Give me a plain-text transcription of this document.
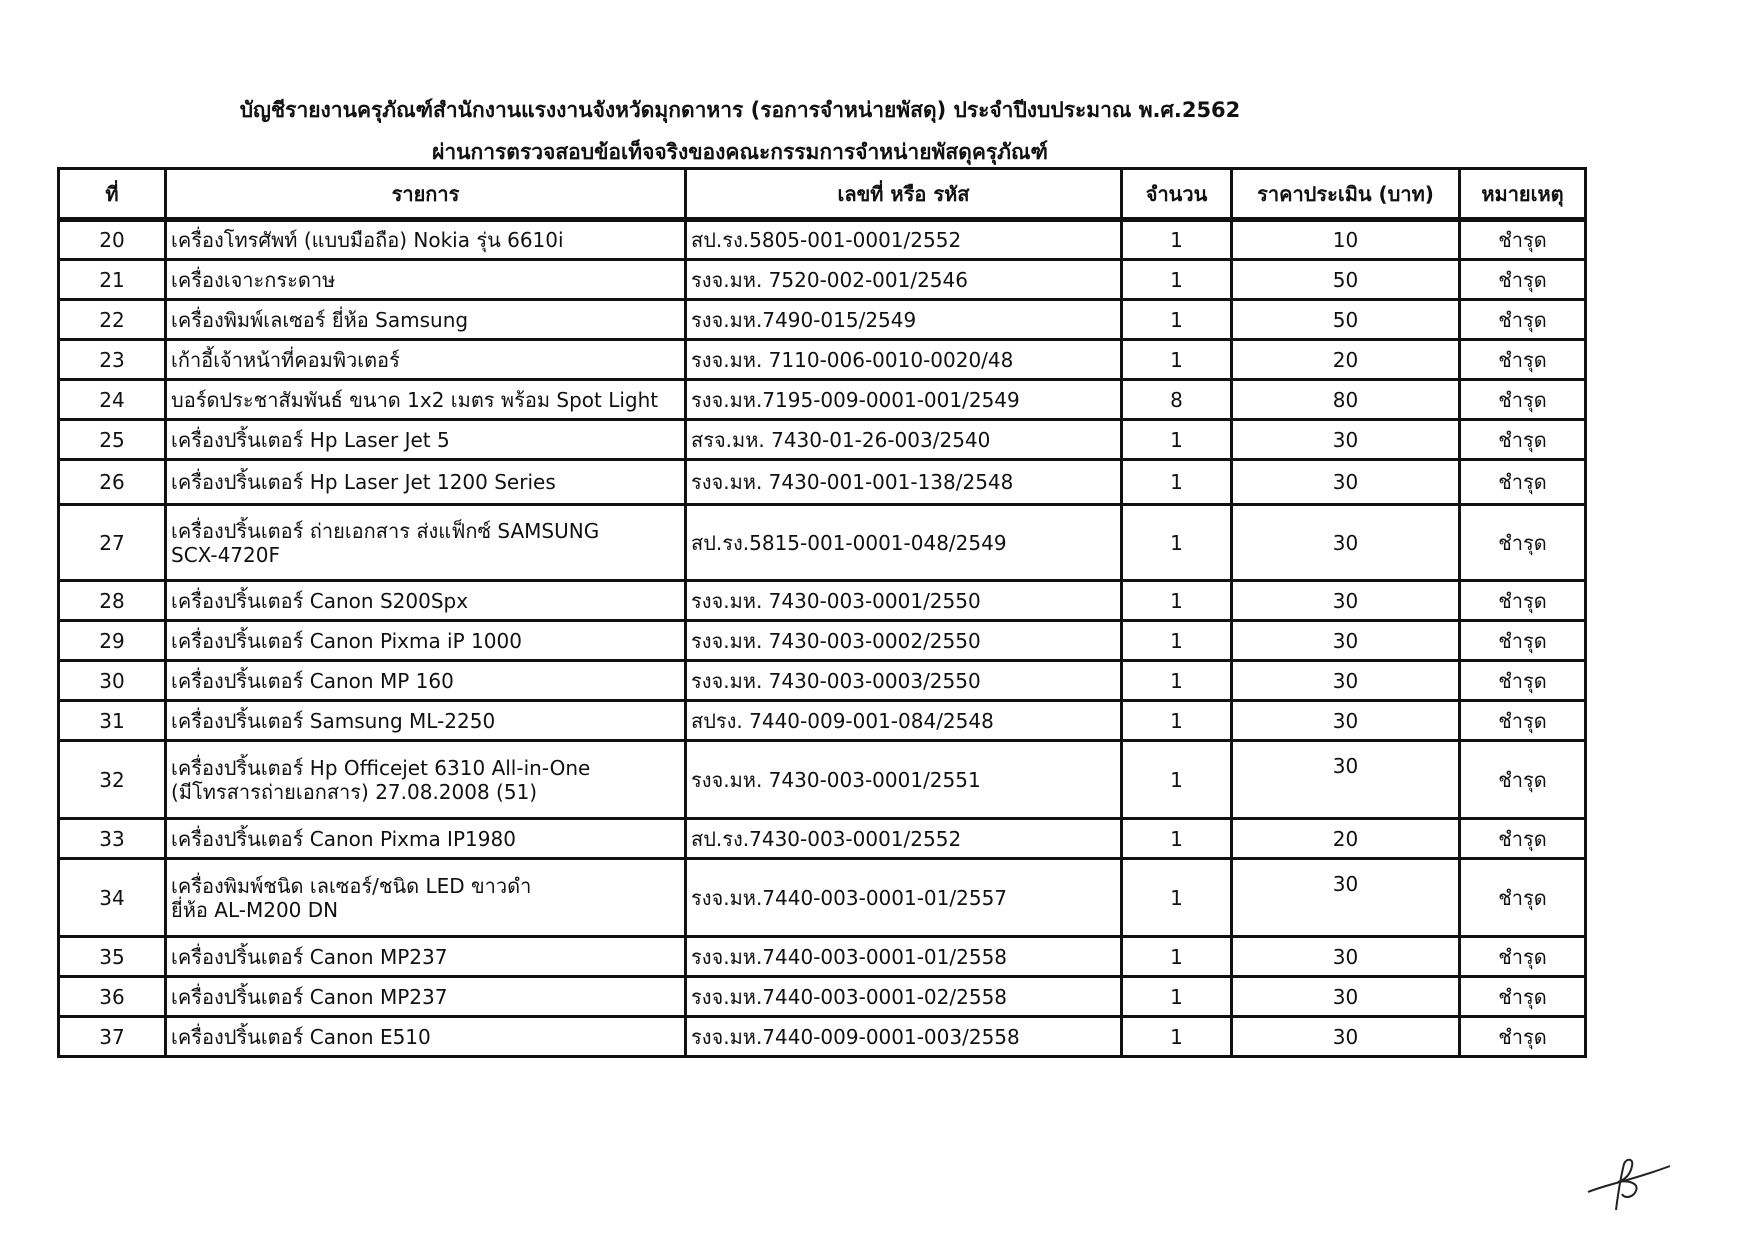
บัญชีรายงานครุภัณฑ์สำนักงานแรงงานจังหวัดมุกดาหาร (รอการจำหน่ายพัสดุ) ประจำปีงบประมาณ พ.ศ.2562
ผ่านการตรวจสอบข้อเท็จจริงของคณะกรรมการจำหน่ายพัสดุครุภัณฑ์
ที่	รายการ	เลขที่ หรือ รหัส	จำนวน	ราคาประเมิน (บาท)	หมายเหตุ
20	เครื่องโทรศัพท์ (แบบมือถือ) Nokia รุ่น 6610i	สป.รง.5805-001-0001/2552	1	10	ชำรุด
21	เครื่องเจาะกระดาษ	รงจ.มห. 7520-002-001/2546	1	50	ชำรุด
22	เครื่องพิมพ์เลเซอร์ ยี่ห้อ Samsung	รงจ.มห.7490-015/2549	1	50	ชำรุด
23	เก้าอี้เจ้าหน้าที่คอมพิวเตอร์	รงจ.มห. 7110-006-0010-0020/48	1	20	ชำรุด
24	บอร์ดประชาสัมพันธ์ ขนาด 1x2 เมตร พร้อม Spot Light	รงจ.มห.7195-009-0001-001/2549	8	80	ชำรุด
25	เครื่องปริ้นเตอร์ Hp Laser Jet 5	สรจ.มห. 7430-01-26-003/2540	1	30	ชำรุด
26	เครื่องปริ้นเตอร์ Hp Laser Jet 1200 Series	รงจ.มห. 7430-001-001-138/2548	1	30	ชำรุด
27	เครื่องปริ้นเตอร์ ถ่ายเอกสาร ส่งแฟ็กซ์ SAMSUNG
SCX-4720F	สป.รง.5815-001-0001-048/2549	1	30	ชำรุด
28	เครื่องปริ้นเตอร์ Canon S200Spx	รงจ.มห. 7430-003-0001/2550	1	30	ชำรุด
29	เครื่องปริ้นเตอร์ Canon Pixma iP 1000	รงจ.มห. 7430-003-0002/2550	1	30	ชำรุด
30	เครื่องปริ้นเตอร์ Canon MP 160	รงจ.มห. 7430-003-0003/2550	1	30	ชำรุด
31	เครื่องปริ้นเตอร์ Samsung ML-2250	สปรง. 7440-009-001-084/2548	1	30	ชำรุด
32	เครื่องปริ้นเตอร์ Hp Officejet 6310 All-in-One
(มีโทรสารถ่ายเอกสาร) 27.08.2008 (51)	รงจ.มห. 7430-003-0001/2551	1	30	ชำรุด
33	เครื่องปริ้นเตอร์ Canon Pixma IP1980	สป.รง.7430-003-0001/2552	1	20	ชำรุด
34	เครื่องพิมพ์ชนิด เลเซอร์/ชนิด LED ขาวดำ
ยี่ห้อ AL-M200 DN	รงจ.มห.7440-003-0001-01/2557	1	30	ชำรุด
35	เครื่องปริ้นเตอร์ Canon MP237	รงจ.มห.7440-003-0001-01/2558	1	30	ชำรุด
36	เครื่องปริ้นเตอร์ Canon MP237	รงจ.มห.7440-003-0001-02/2558	1	30	ชำรุด
37	เครื่องปริ้นเตอร์ Canon E510	รงจ.มห.7440-009-0001-003/2558	1	30	ชำรุด
